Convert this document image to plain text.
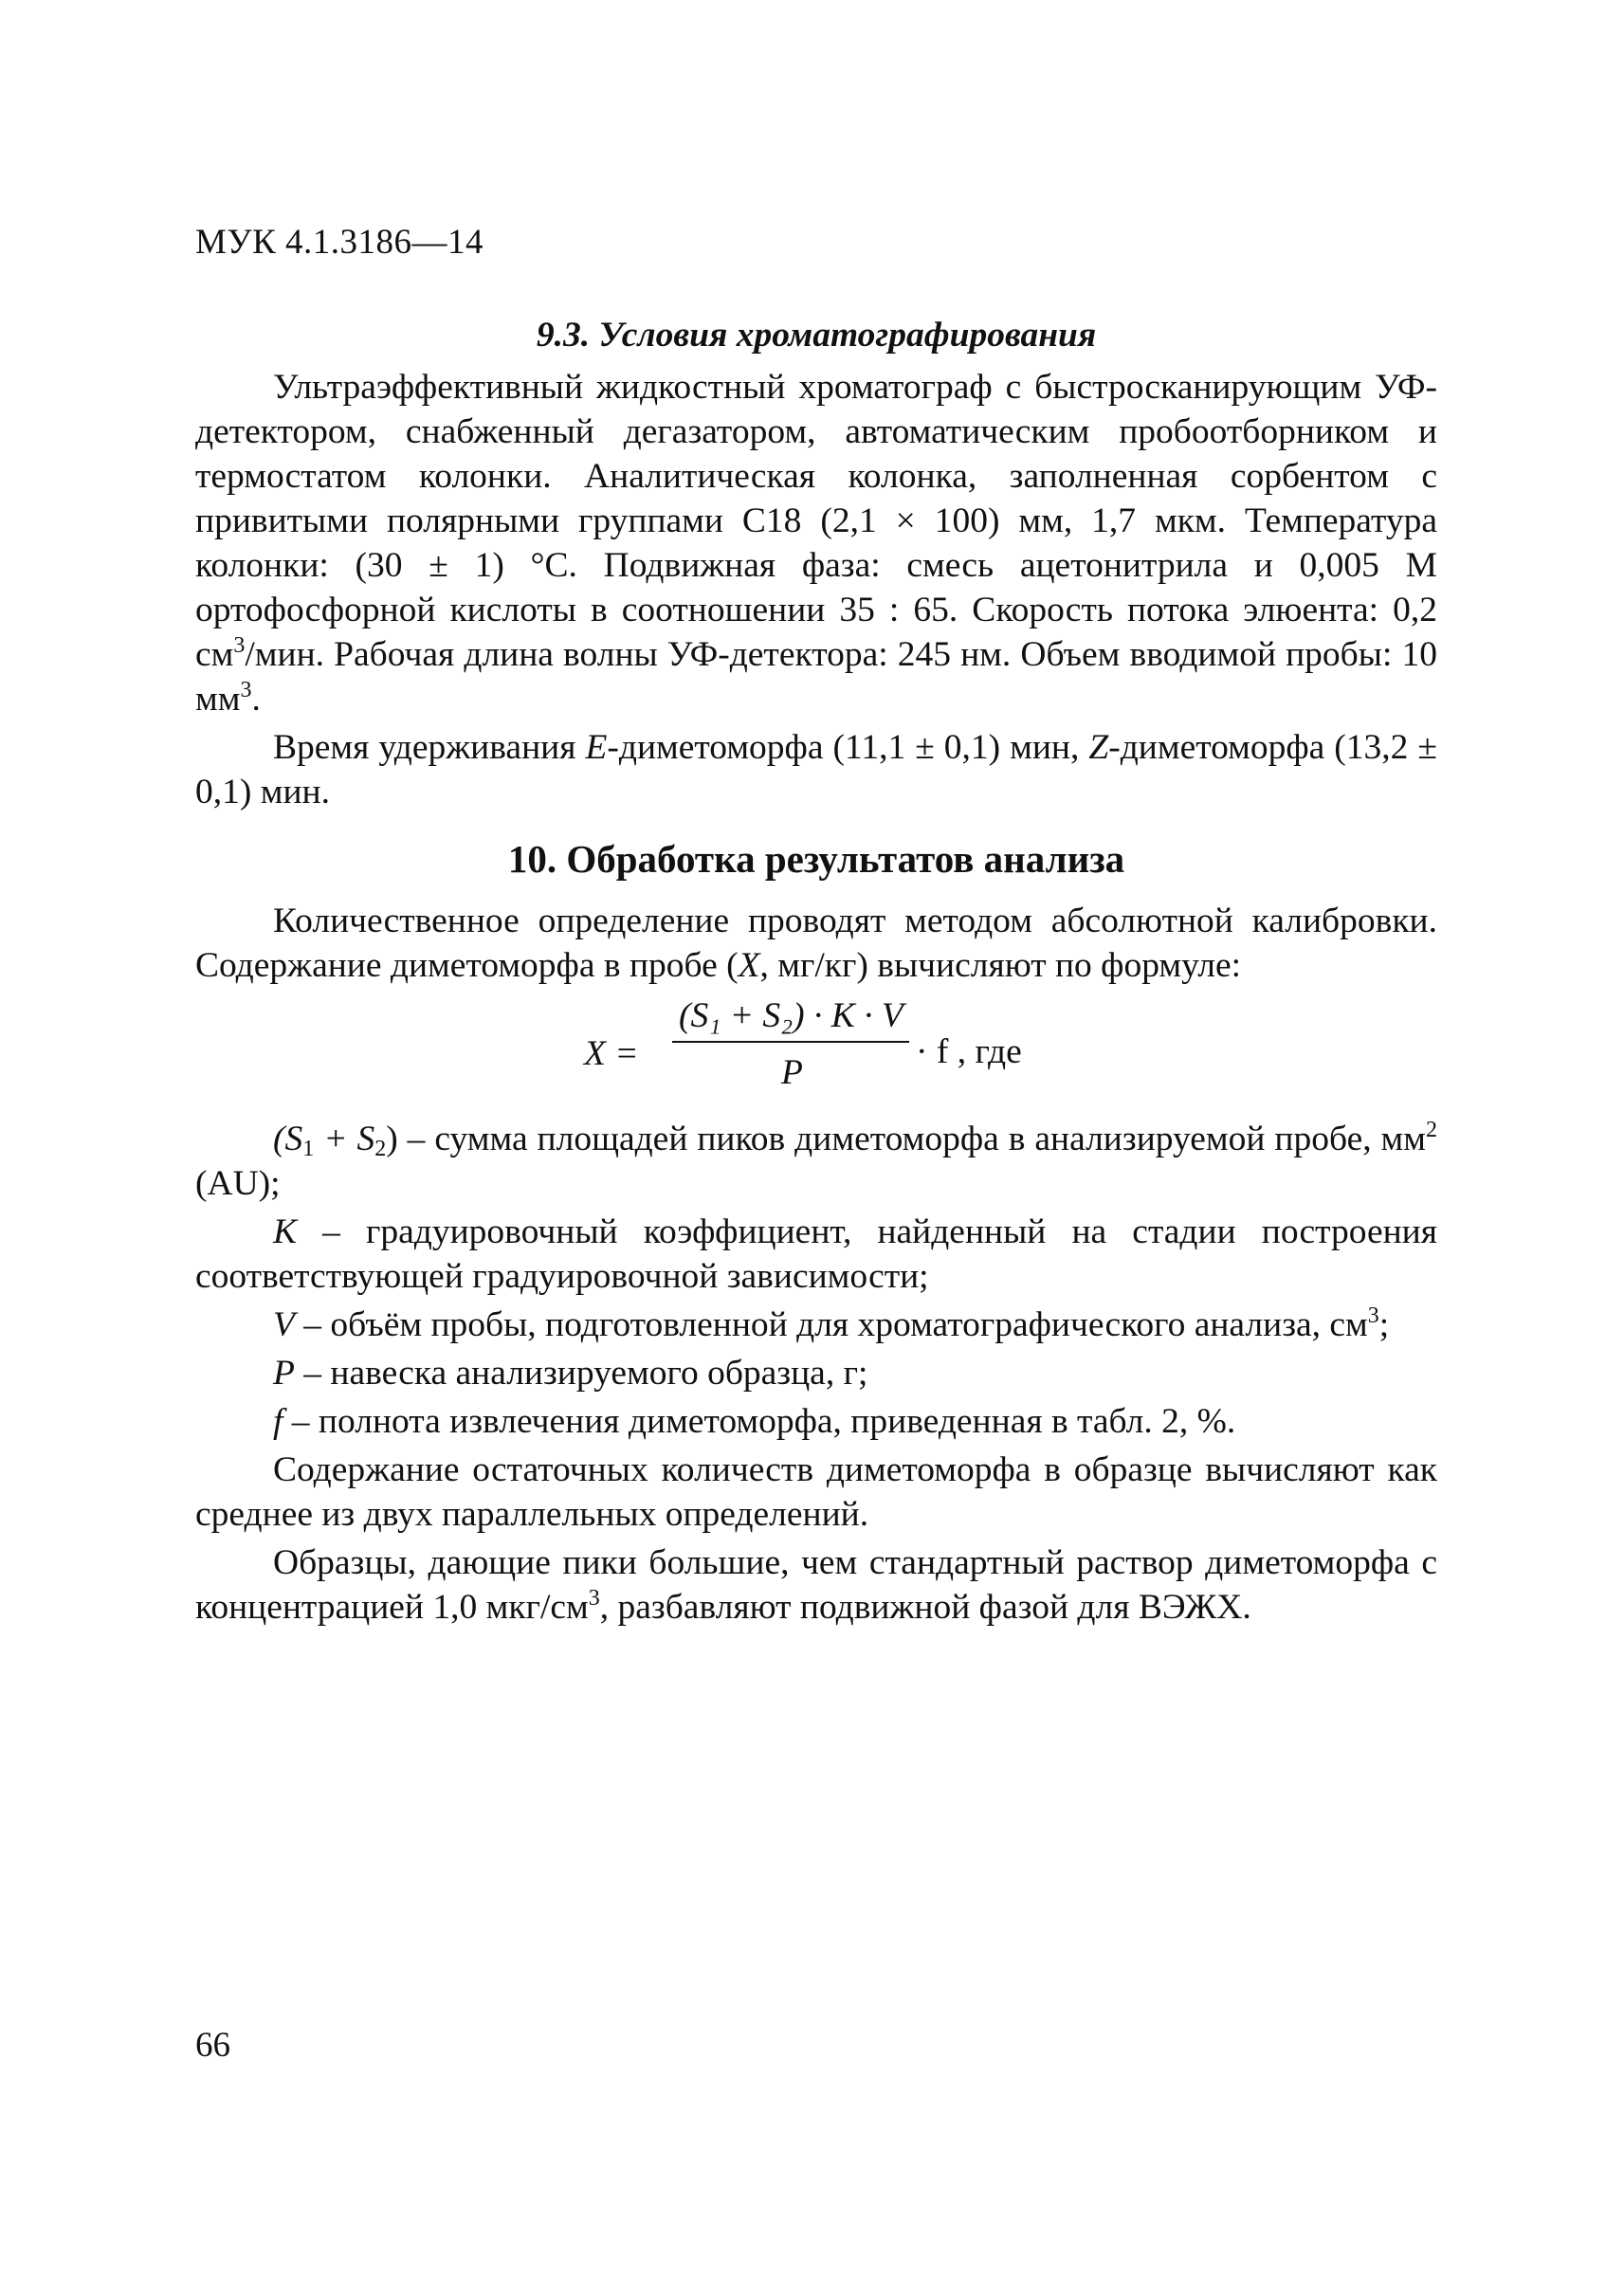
МУК 4.1.3186—14
9.3. Условия хроматографирования

Ультраэффективный жидкостный хроматограф с быстросканирующим УФ-детектором, снабженный дегазатором, автоматическим пробоотборником и термостатом колонки. Аналитическая колонка, заполненная сорбентом с привитыми полярными группами С18 (2,1 × 100) мм, 1,7 мкм. Температура колонки: (30 ± 1) °С. Подвижная фаза: смесь ацетонитрила и 0,005 М ортофосфорной кислоты в соотношении 35 : 65. Скорость потока элюента: 0,2 $см^3$/мин. Рабочая длина волны УФ-детектора: 245 нм. Объем вводимой пробы: 10 $мм^3$.

Время удерживания E-диметоморфа (11,1 ± 0,1) мин, Z-диметоморфа (13,2 ± 0,1) мин.

10. Обработка результатов анализа

Количественное определение проводят методом абсолютной калибровки. Содержание диметоморфа в пробе (X, мг/кг) вычисляют по формуле:

X =
(S₁ + S₂) · K · V
P
· f , где

$(S_1 + S_2)$ – сумма площадей пиков диметоморфа в анализируемой пробе, $мм^2$ (AU);

K – градуировочный коэффициент, найденный на стадии построения соответствующей градуировочной зависимости;

V – объём пробы, подготовленной для хроматографического анализа, $см^3$;

P – навеска анализируемого образца, г;

f – полнота извлечения диметоморфа, приведенная в табл. 2, %.

Содержание остаточных количеств диметоморфа в образце вычисляют как среднее из двух параллельных определений.

Образцы, дающие пики большие, чем стандартный раствор диметоморфа с концентрацией 1,0 мкг/$см^3$, разбавляют подвижной фазой для ВЭЖХ.

66
